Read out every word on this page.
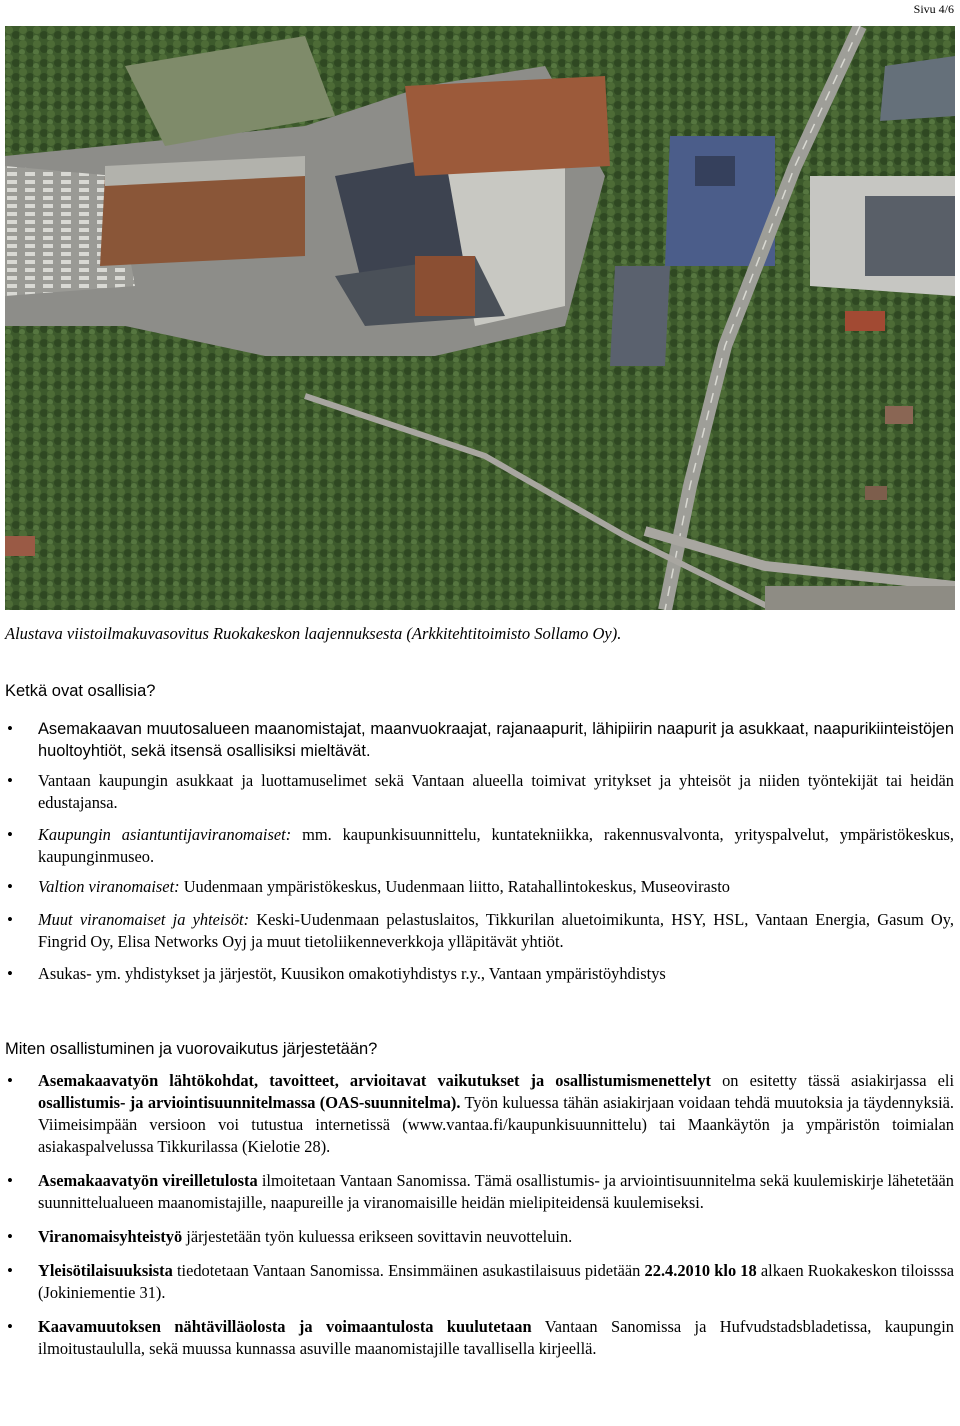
Sivu 4/6
Alustava viistoilmakuvasovitus Ruokakeskon laajennuksesta (Arkkitehtitoimisto Sollamo Oy).
Ketkä ovat osallisia?
• Asemakaavan muutosalueen maanomistajat, maanvuokraajat, rajanaapurit, lähipiirin naapurit ja asukkaat, naapurikiinteistöjen huoltoyhtiöt, sekä itsensä osallisiksi mieltävät.
• Vantaan kaupungin asukkaat ja luottamuselimet sekä Vantaan alueella toimivat yritykset ja yhteisöt ja niiden työntekijät tai heidän edustajansa.
• Kaupungin asiantuntijaviranomaiset: mm. kaupunkisuunnittelu, kuntatekniikka, rakennusvalvonta, yrityspalvelut, ympäristökeskus, kaupunginmuseo.
• Valtion viranomaiset: Uudenmaan ympäristökeskus, Uudenmaan liitto, Ratahallintokeskus, Museovirasto
• Muut viranomaiset ja yhteisöt: Keski-Uudenmaan pelastuslaitos, Tikkurilan aluetoimikunta, HSY, HSL, Vantaan Energia, Gasum Oy, Fingrid Oy, Elisa Networks Oyj ja muut tietoliikenneverkkoja ylläpitävät yhtiöt.
• Asukas- ym. yhdistykset ja järjestöt, Kuusikon omakotiyhdistys r.y., Vantaan ympäristöyhdistys
Miten osallistuminen ja vuorovaikutus järjestetään?
• Asemakaavatyön lähtökohdat, tavoitteet, arvioitavat vaikutukset ja osallistumismenettelyt on esitetty tässä asiakirjassa eli osallistumis- ja arviointisuunnitelmassa (OAS-suunnitelma). Työn kuluessa tähän asiakirjaan voidaan tehdä muutoksia ja täydennyksiä. Viimeisimpään versioon voi tutustua internetissä (www.vantaa.fi/kaupunkisuunnittelu) tai Maankäytön ja ympäristön toimialan asiakaspalvelussa Tikkurilassa (Kielotie 28).
• Asemakaavatyön vireilletulosta ilmoitetaan Vantaan Sanomissa. Tämä osallistumis- ja arviointisuunnitelma sekä kuulemiskirje lähetetään suunnittelualueen maanomistajille, naapureille ja viranomaisille heidän mielipiteidensä kuulemiseksi.
• Viranomaisyhteistyö järjestetään työn kuluessa erikseen sovittavin neuvotteluin.
• Yleisötilaisuuksista tiedotetaan Vantaan Sanomissa. Ensimmäinen asukastilaisuus pidetään 22.4.2010 klo 18 alkaen Ruokakeskon tiloisssa (Jokiniementie 31).
• Kaavamuutoksen nähtävilläolosta ja voimaantulosta kuulutetaan Vantaan Sanomissa ja Hufvudstadsbladetissa, kaupungin ilmoitustaululla, sekä muussa kunnassa asuville maanomistajille tavallisella kirjeellä.
